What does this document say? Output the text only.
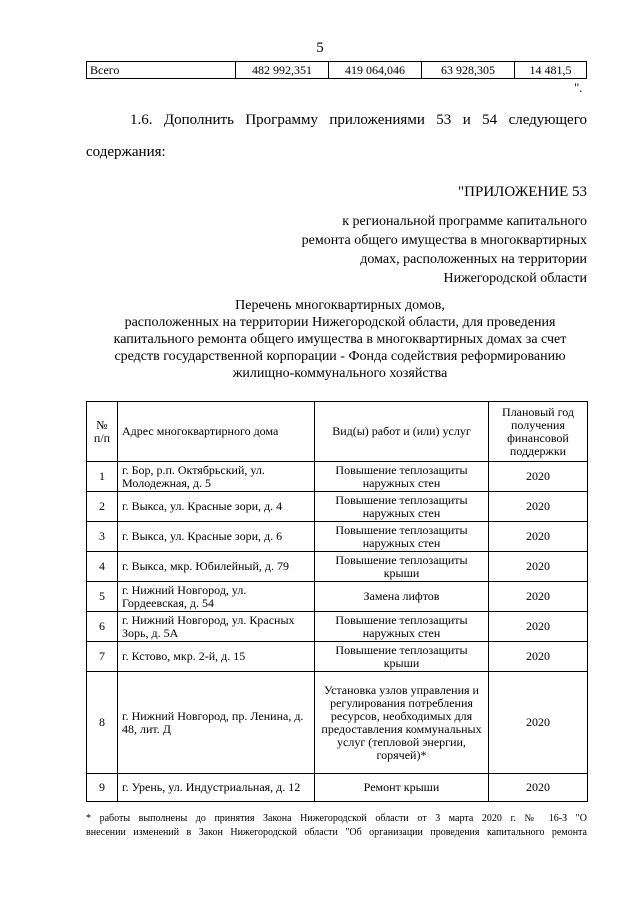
5
Всего	482 992,351	419 064,046	63 928,305	14 481,5
".
1.6. Дополнить Программу приложениями 53 и 54 следующего
содержания:
"ПРИЛОЖЕНИЕ 53
к региональной программе капитального
ремонта общего имущества в многоквартирных
домах, расположенных на территории
Нижегородской области
Перечень многоквартирных домов,
расположенных на территории Нижегородской области, для проведения
капитального ремонта общего имущества в многоквартирных домах за счет
средств государственной корпорации - Фонда содействия реформированию
жилищно-коммунального хозяйства
№ п/п	Адрес многоквартирного дома	Вид(ы) работ и (или) услуг	Плановый год получения финансовой поддержки
1	г. Бор, р.п. Октябрьский, ул. Молодежная, д. 5	Повышение теплозащиты наружных стен	2020
2	г. Выкса, ул. Красные зори, д. 4	Повышение теплозащиты наружных стен	2020
3	г. Выкса, ул. Красные зори, д. 6	Повышение теплозащиты наружных стен	2020
4	г. Выкса, мкр. Юбилейный, д. 79	Повышение теплозащиты крыши	2020
5	г. Нижний Новгород, ул. Гордеевская, д. 54	Замена лифтов	2020
6	г. Нижний Новгород, ул. Красных Зорь, д. 5А	Повышение теплозащиты наружных стен	2020
7	г. Кстово, мкр. 2-й, д. 15	Повышение теплозащиты крыши	2020
8	г. Нижний Новгород, пр. Ленина, д. 48, лит. Д	Установка узлов управления и регулирования потребления ресурсов, необходимых для предоставления коммунальных услуг (тепловой энергии, горячей)*	2020
9	г. Урень, ул. Индустриальная, д. 12	Ремонт крыши	2020
* работы выполнены до принятия Закона Нижегородской области от 3 марта 2020 г. № 16-З "О
внесении изменений в Закон Нижегородской области "Об организации проведения капитального ремонта
